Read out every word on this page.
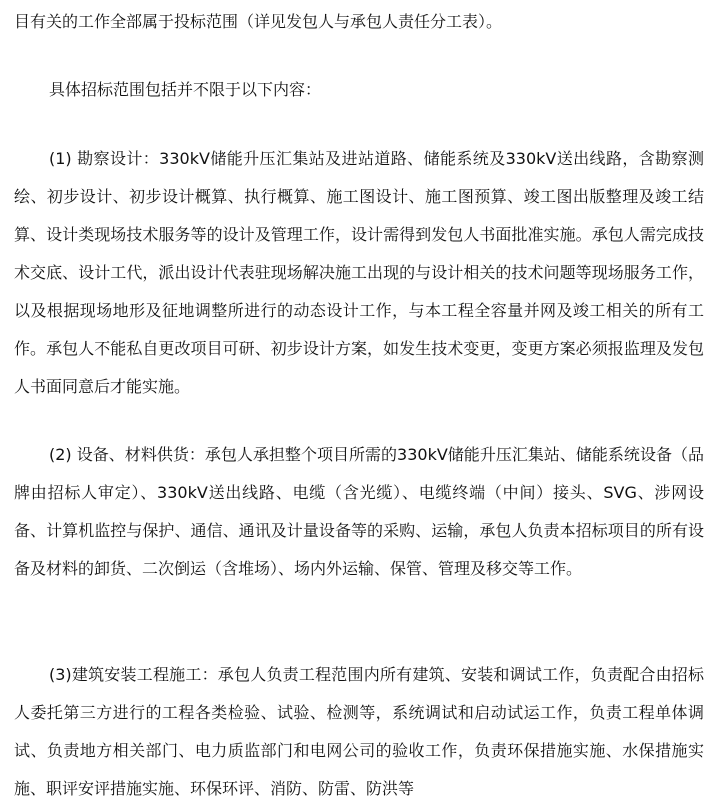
目有关的工作全部属于投标范围（详见发包人与承包人责任分工表）。

具体招标范围包括并不限于以下内容：

(1) 勘察设计：330kV储能升压汇集站及进站道路、储能系统及330kV送出线路，含勘察测绘、初步设计、初步设计概算、执行概算、施工图设计、施工图预算、竣工图出版整理及竣工结算、设计类现场技术服务等的设计及管理工作，设计需得到发包人书面批准实施。承包人需完成技术交底、设计工代，派出设计代表驻现场解决施工出现的与设计相关的技术问题等现场服务工作，以及根据现场地形及征地调整所进行的动态设计工作，与本工程全容量并网及竣工相关的所有工作。承包人不能私自更改项目可研、初步设计方案，如发生技术变更，变更方案必须报监理及发包人书面同意后才能实施。

(2) 设备、材料供货：承包人承担整个项目所需的330kV储能升压汇集站、储能系统设备（品牌由招标人审定）、330kV送出线路、电缆（含光缆）、电缆终端（中间）接头、SVG、涉网设备、计算机监控与保护、通信、通讯及计量设备等的采购、运输，承包人负责本招标项目的所有设备及材料的卸货、二次倒运（含堆场）、场内外运输、保管、管理及移交等工作。

(3)建筑安装工程施工：承包人负责工程范围内所有建筑、安装和调试工作，负责配合由招标人委托第三方进行的工程各类检验、试验、检测等，系统调试和启动试运工作，负责工程单体调试、负责地方相关部门、电力质监部门和电网公司的验收工作，负责环保措施实施、水保措施实施、职评安评措施实施、环保环评、消防、防雷、防洪等
